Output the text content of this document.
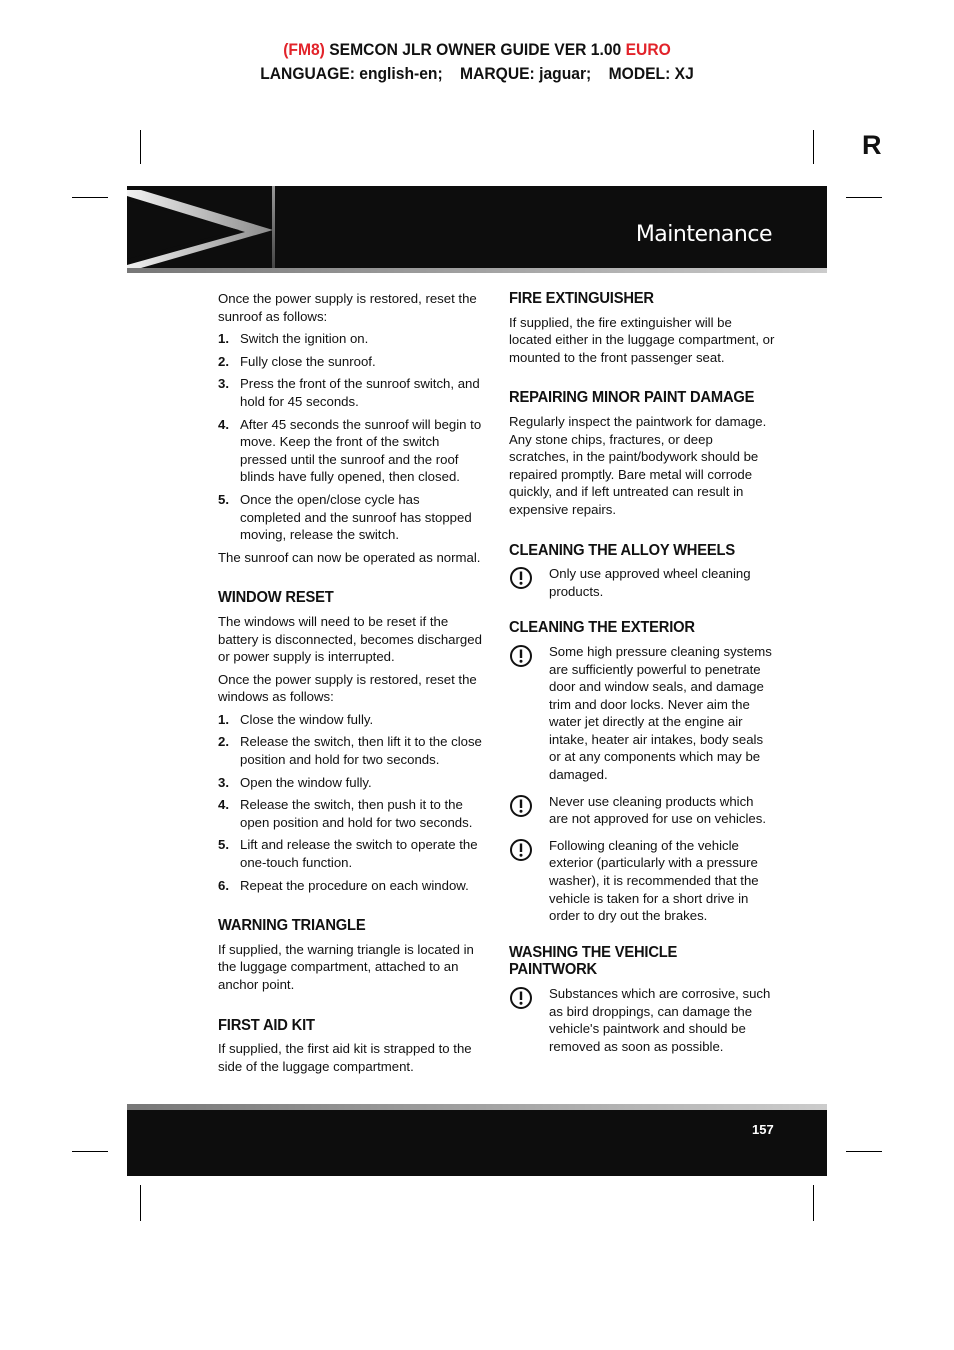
(FM8) SEMCON JLR OWNER GUIDE VER 1.00 EURO
LANGUAGE: english-en;    MARQUE: jaguar;    MODEL: XJ
R
Maintenance

Once the power supply is restored, reset the sunroof as follows:

1. Switch the ignition on.
2. Fully close the sunroof.
3. Press the front of the sunroof switch, and hold for 45 seconds.
4. After 45 seconds the sunroof will begin to move. Keep the front of the switch pressed until the sunroof and the roof blinds have fully opened, then closed.
5. Once the open/close cycle has completed and the sunroof has stopped moving, release the switch.

The sunroof can now be operated as normal.

WINDOW RESET

The windows will need to be reset if the battery is disconnected, becomes discharged or power supply is interrupted.

Once the power supply is restored, reset the windows as follows:

1. Close the window fully.
2. Release the switch, then lift it to the close position and hold for two seconds.
3. Open the window fully.
4. Release the switch, then push it to the open position and hold for two seconds.
5. Lift and release the switch to operate the one-touch function.
6. Repeat the procedure on each window.
WARNING TRIANGLE

If supplied, the warning triangle is located in the luggage compartment, attached to an anchor point.

FIRST AID KIT

If supplied, the first aid kit is strapped to the side of the luggage compartment.

FIRE EXTINGUISHER

If supplied, the fire extinguisher will be located either in the luggage compartment, or mounted to the front passenger seat.

REPAIRING MINOR PAINT DAMAGE

Regularly inspect the paintwork for damage. Any stone chips, fractures, or deep scratches, in the paint/bodywork should be repaired promptly. Bare metal will corrode quickly, and if left untreated can result in expensive repairs.

CLEANING THE ALLOY WHEELS
Only use approved wheel cleaning products.
CLEANING THE EXTERIOR
Some high pressure cleaning systems are sufficiently powerful to penetrate door and window seals, and damage trim and door locks. Never aim the water jet directly at the engine air intake, heater air intakes, body seals or at any components which may be damaged.
Never use cleaning products which are not approved for use on vehicles.
Following cleaning of the vehicle exterior (particularly with a pressure washer), it is recommended that the vehicle is taken for a short drive in order to dry out the brakes.
WASHING THE VEHICLE PAINTWORK
Substances which are corrosive, such as bird droppings, can damage the vehicle's paintwork and should be removed as soon as possible.
157
